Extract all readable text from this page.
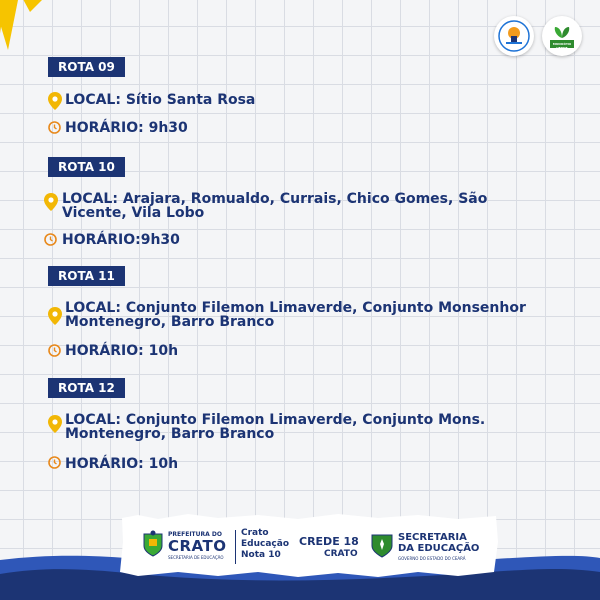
MUNICÍPIO VERDE
ROTA 09
LOCAL: Sítio Santa Rosa
HORÁRIO: 9h30
ROTA 10
LOCAL: Arajara, Romualdo, Currais, Chico Gomes, São
Vicente, Vila Lobo
HORÁRIO:9h30
ROTA 11
LOCAL: Conjunto Filemon Limaverde, Conjunto Monsenhor
Montenegro, Barro Branco
HORÁRIO: 10h
ROTA 12
LOCAL: Conjunto Filemon Limaverde, Conjunto Mons.
Montenegro, Barro Branco
HORÁRIO: 10h
PREFEITURA DO
CRATO
SECRETARIA DE EDUCAÇÃO
Crato
Educação
Nota 10
CREDE 18
CRATO
SECRETARIA
DA EDUCAÇÃO
GOVERNO DO ESTADO DO CEARÁ
